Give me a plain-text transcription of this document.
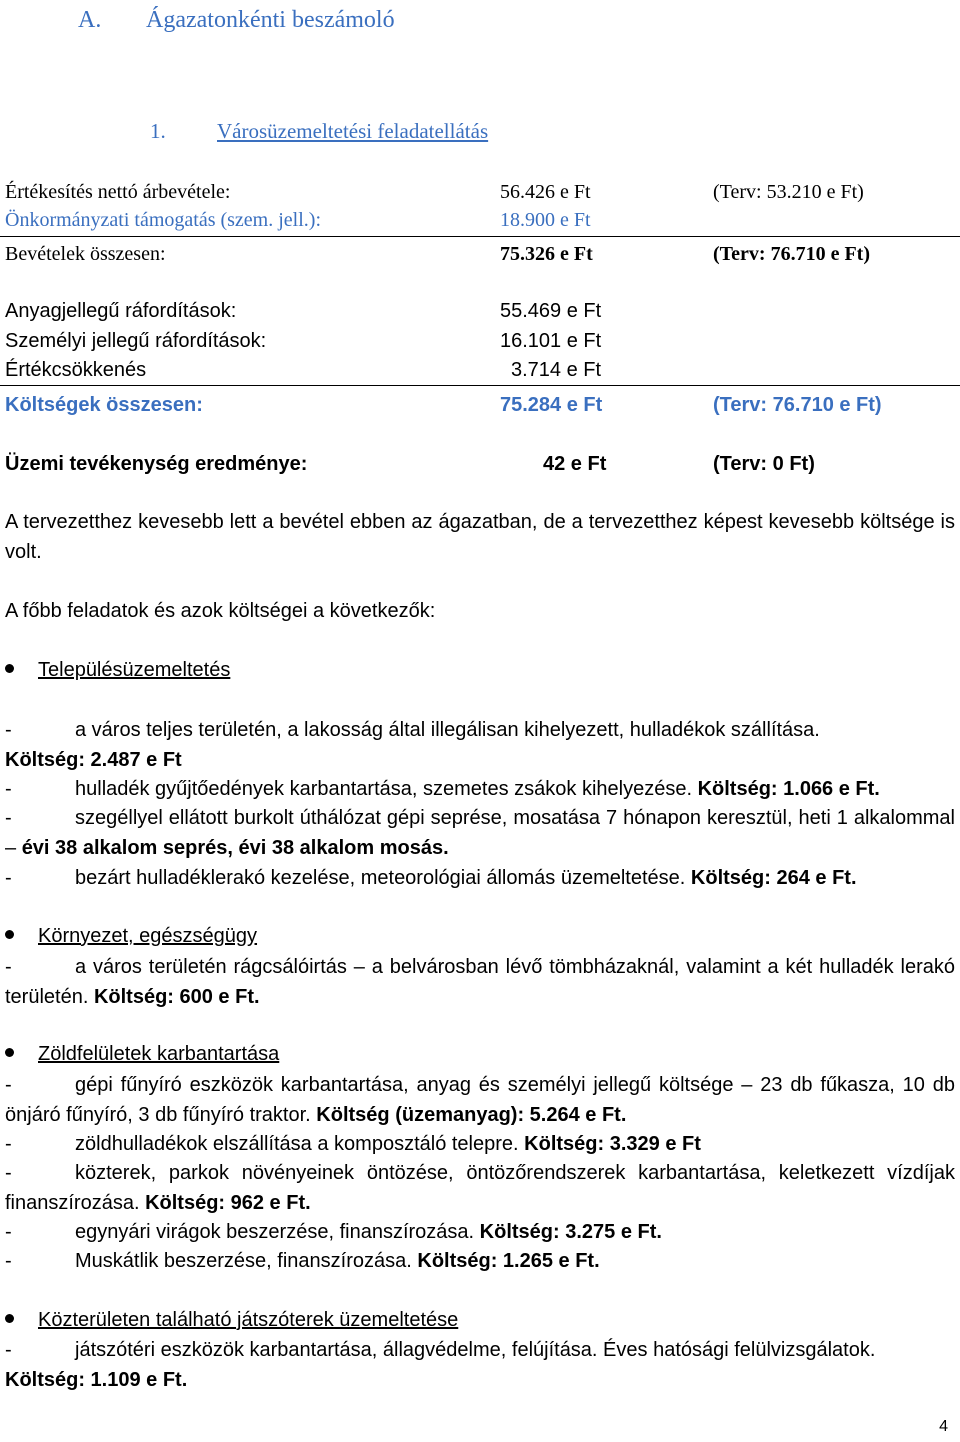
A. Ágazatonkénti beszámoló
1. Városüzemeltetési feladatellátás
Értékesítés nettó árbevétele:	56.426 e Ft	(Terv: 53.210 e Ft)
Önkormányzati támogatás (szem. jell.):	18.900 e Ft
Bevételek összesen:	75.326 e Ft	(Terv: 76.710 e Ft)
Anyagjellegű ráfordítások:	55.469 e Ft
Személyi jellegű ráfordítások:	16.101 e Ft
Értékcsökkenés	3.714 e Ft
Költségek összesen:	75.284 e Ft	(Terv: 76.710 e Ft)
Üzemi tevékenység eredménye:	42 e Ft	(Terv: 0 Ft)
A tervezetthez kevesebb lett a bevétel ebben az ágazatban, de a tervezetthez képest kevesebb költsége is volt.
A főbb feladatok és azok költségei a következők:
Településüzemeltetés
-	a város teljes területén, a lakosság által illegálisan kihelyezett, hulladékok szállítása.
Költség: 2.487 e Ft
-	hulladék gyűjtőedények karbantartása, szemetes zsákok kihelyezése. Költség: 1.066 e Ft.
-	szegéllyel ellátott burkolt úthálózat gépi seprése, mosatása 7 hónapon keresztül, heti 1 alkalommal – évi 38 alkalom seprés, évi 38 alkalom mosás.
-	bezárt hulladéklerakó kezelése, meteorológiai állomás üzemeltetése. Költség: 264 e Ft.
Környezet, egészségügy
-	a város területén rágcsálóirtás – a belvárosban lévő tömbházaknál, valamint a két hulladék lerakó területén. Költség: 600 e Ft.
Zöldfelületek karbantartása
-	gépi fűnyíró eszközök karbantartása, anyag és személyi jellegű költsége – 23 db fűkasza, 10 db önjáró fűnyíró, 3 db fűnyíró traktor. Költség (üzemanyag): 5.264 e Ft.
-	zöldhulladékok elszállítása a komposztáló telepre. Költség: 3.329 e Ft
-	közterek, parkok növényeinek öntözése, öntözőrendszerek karbantartása, keletkezett vízdíjak finanszírozása. Költség: 962 e Ft.
-	egynyári virágok beszerzése, finanszírozása. Költség: 3.275 e Ft.
-	Muskátlik beszerzése, finanszírozása. Költség: 1.265 e Ft.
Közterületen található játszóterek üzemeltetése
-	játszótéri eszközök karbantartása, állagvédelme, felújítása. Éves hatósági felülvizsgálatok.
Költség: 1.109 e Ft.
4
